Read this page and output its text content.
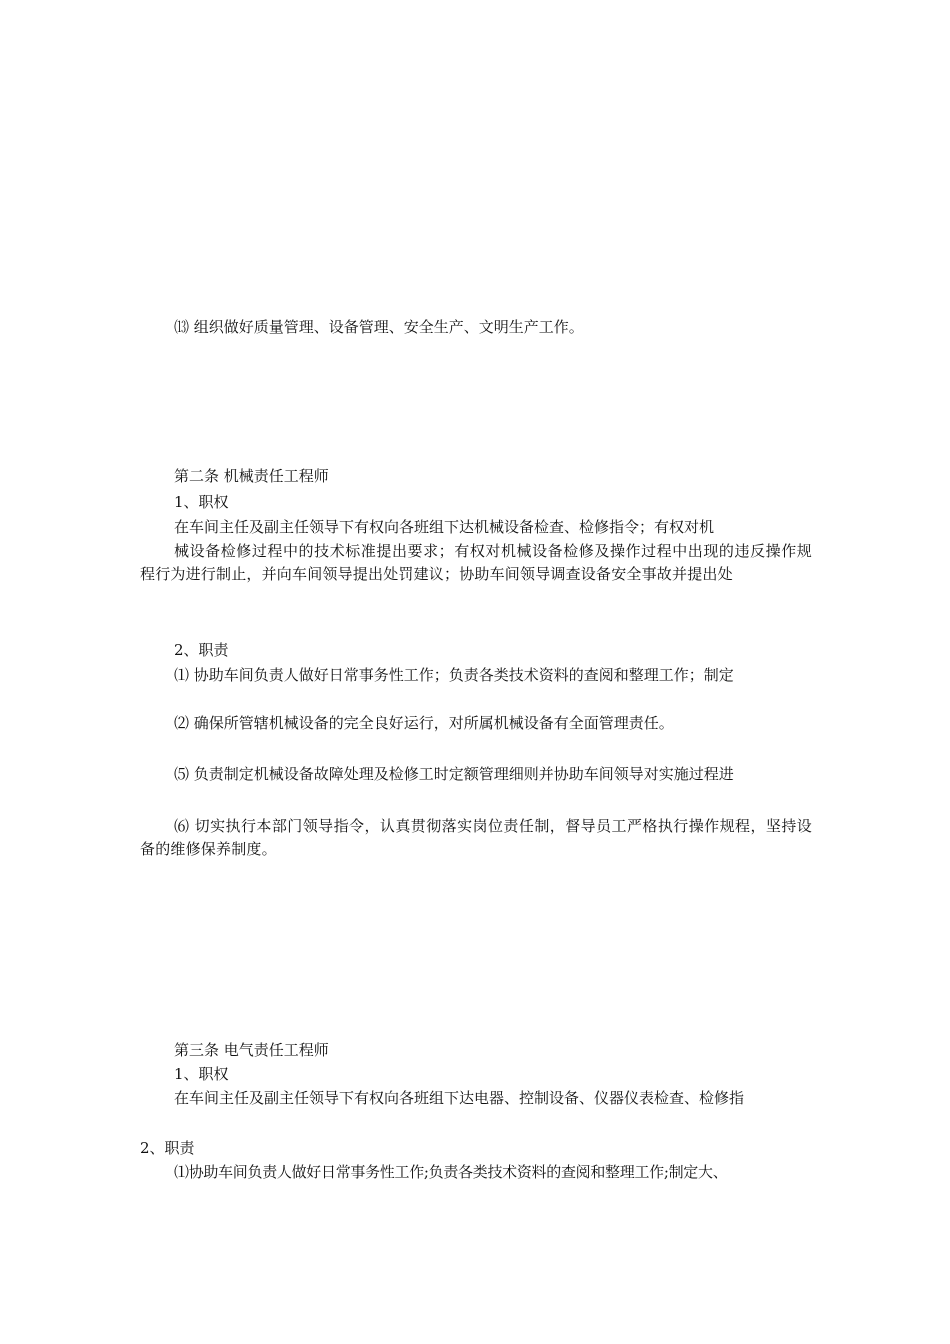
⒀ 组织做好质量管理、设备管理、安全生产、文明生产工作。

第二条 机械责任工程师

1、职权

在车间主任及副主任领导下有权向各班组下达机械设备检查、检修指令；有权对机

械设备检修过程中的技术标准提出要求；有权对机械设备检修及操作过程中出现的违反操作规程行为进行制止，并向车间领导提出处罚建议；协助车间领导调查设备安全事故并提出处

2、职责

⑴ 协助车间负责人做好日常事务性工作；负责各类技术资料的查阅和整理工作；制定

⑵ 确保所管辖机械设备的完全良好运行，对所属机械设备有全面管理责任。

⑸ 负责制定机械设备故障处理及检修工时定额管理细则并协助车间领导对实施过程进

⑹ 切实执行本部门领导指令，认真贯彻落实岗位责任制，督导员工严格执行操作规程，坚持设备的维修保养制度。

第三条 电气责任工程师

1、职权

在车间主任及副主任领导下有权向各班组下达电器、控制设备、仪器仪表检查、检修指

2、职责

⑴协助车间负责人做好日常事务性工作;负责各类技术资料的查阅和整理工作;制定大、
